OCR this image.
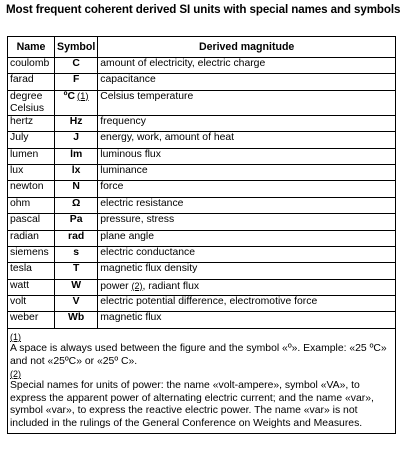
Most frequent coherent derived SI units with special names and symbols
Name	Symbol	Derived magnitude
coulomb	C	amount of electricity, electric charge
farad	F	capacitance
degree Celsius	ºC (1)	Celsius temperature
hertz	Hz	frequency
July	J	energy, work, amount of heat
lumen	lm	luminous flux
lux	lx	luminance
newton	N	force
ohm	Ω	electric resistance
pascal	Pa	pressure, stress
radian	rad	plane angle
siemens	s	electric conductance
tesla	T	magnetic flux density
watt	W	power (2), radiant flux
volt	V	electric potential difference, electromotive force
weber	Wb	magnetic flux

(1)
A space is always used between the figure and the symbol «º». Example: «25 ºC» and not «25ºC» or «25º C».
(2)
Special names for units of power: the name «volt-ampere», symbol «VA», to express the apparent power of alternating electric current; and the name «var», symbol «var», to express the reactive electric power. The name «var» is not included in the rulings of the General Conference on Weights and Measures.		
